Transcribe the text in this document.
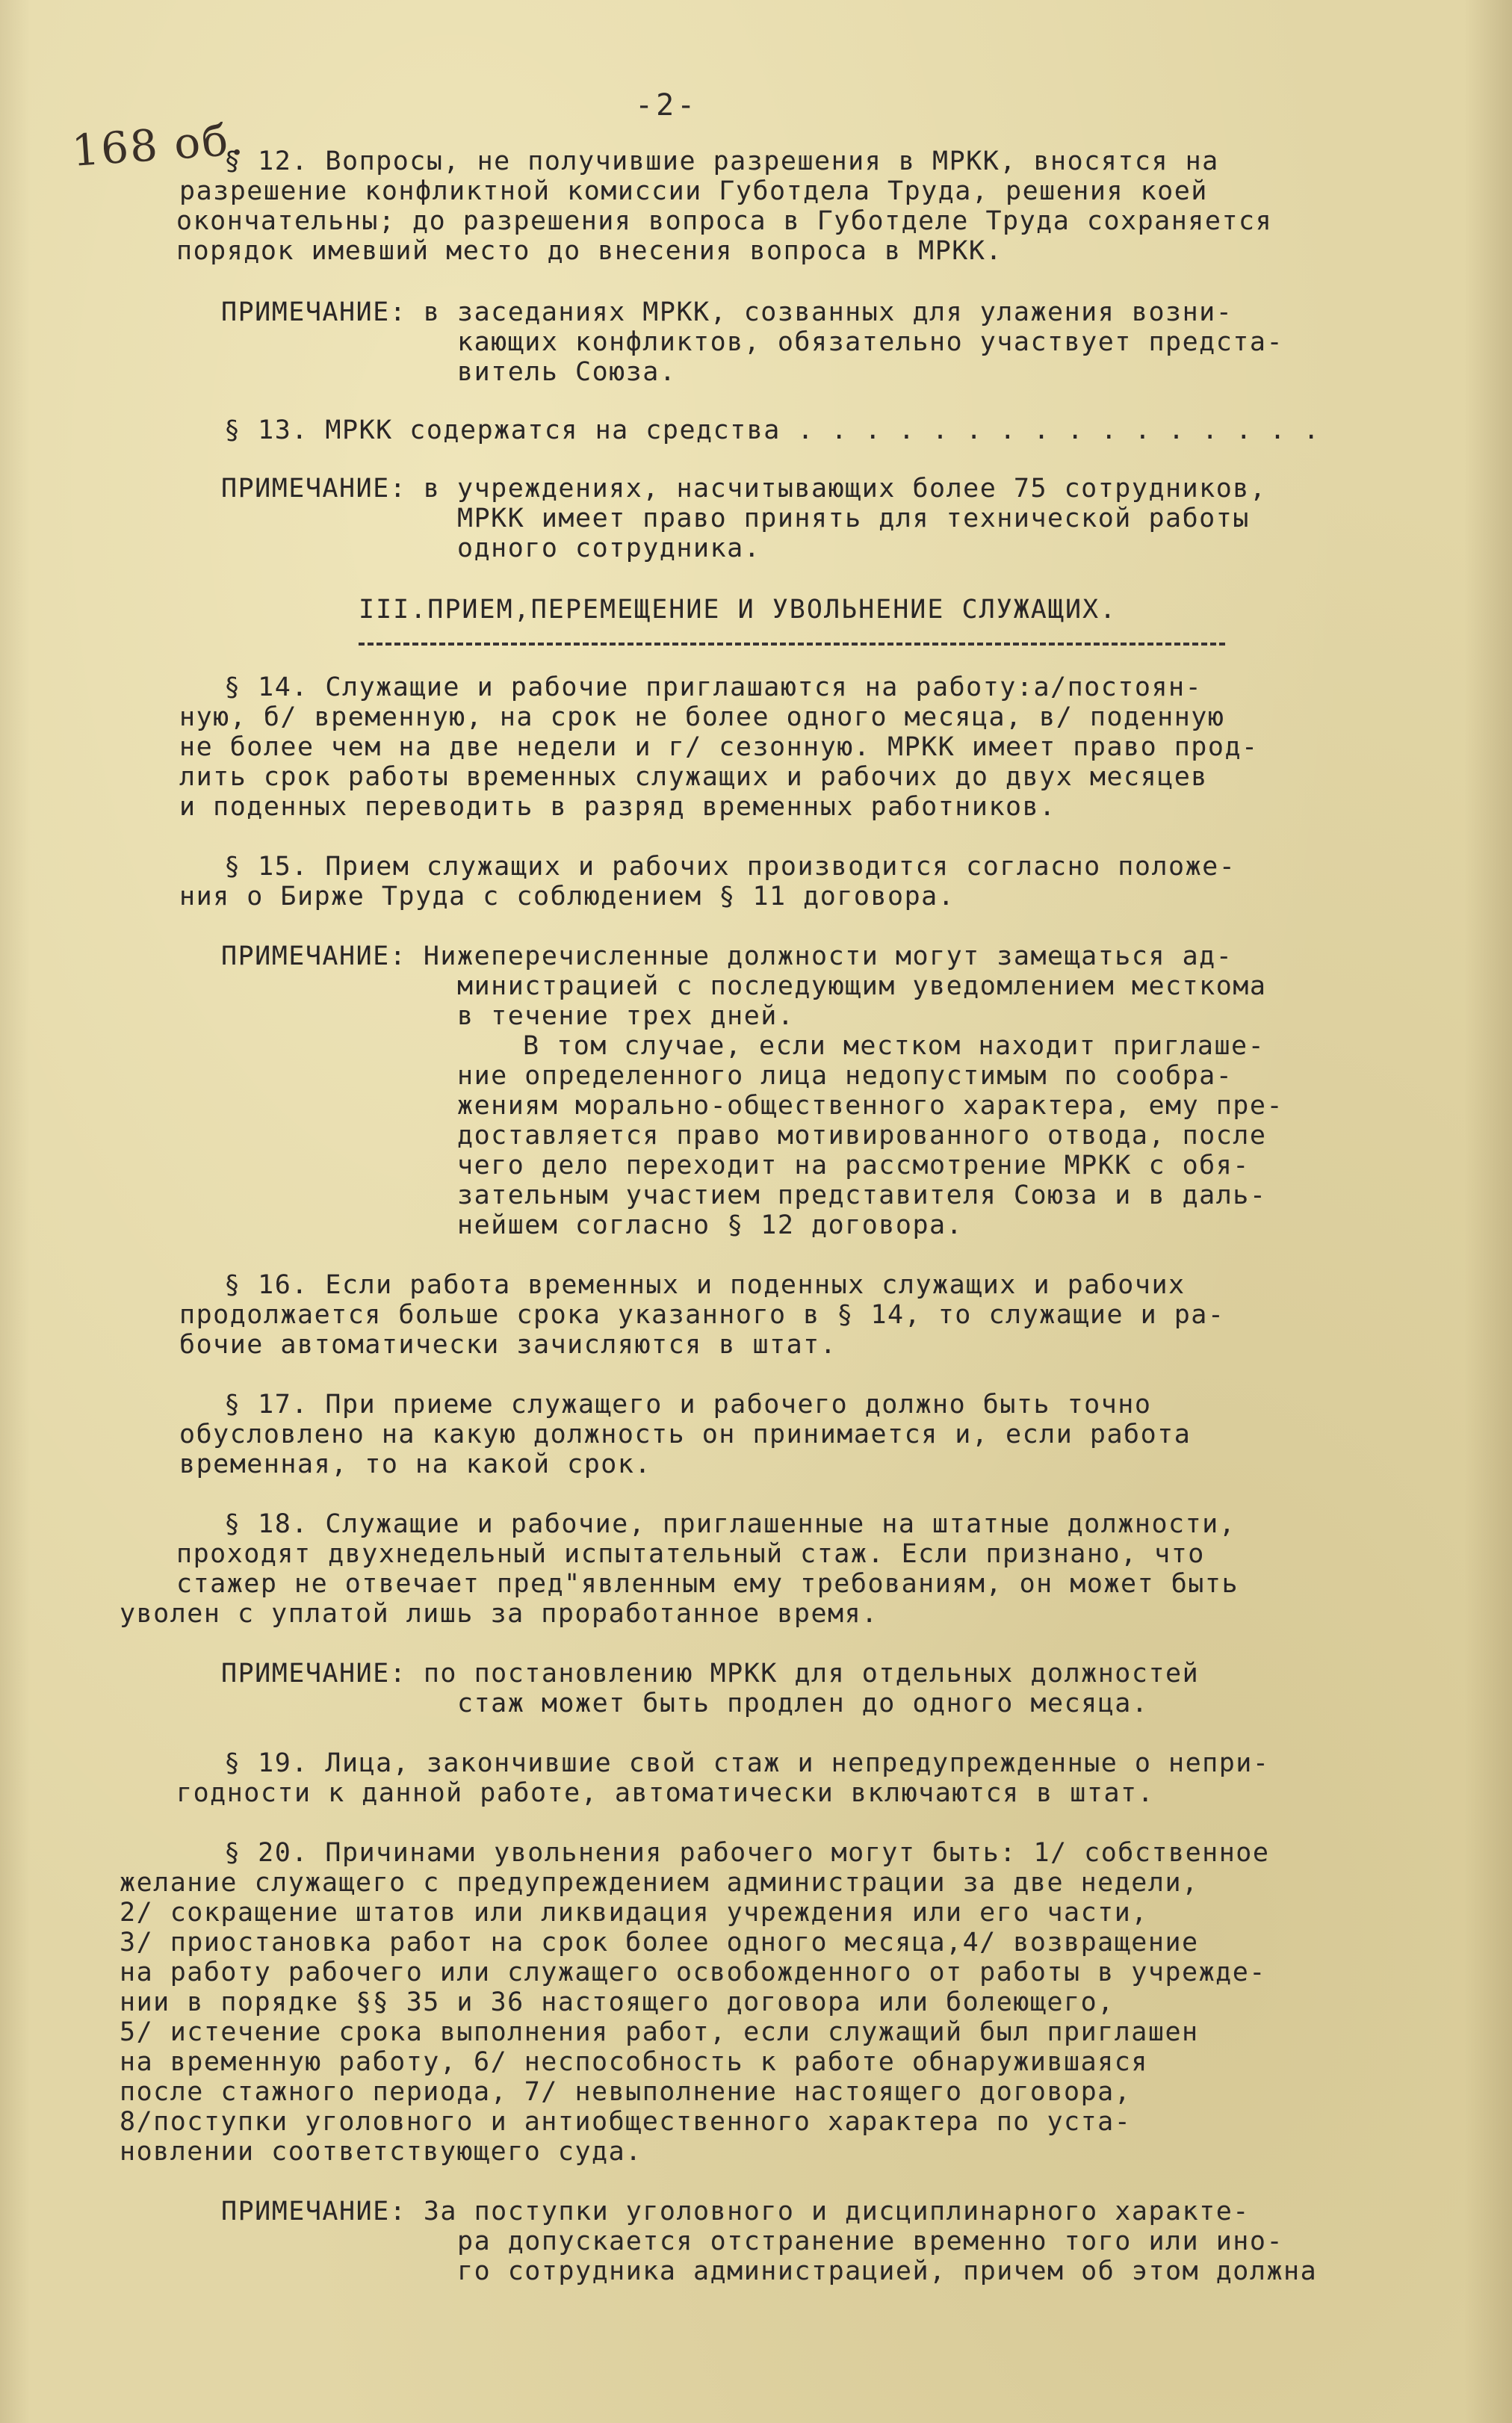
168 об.
-2-
§ 12. Вопросы, не получившие разрешения в МРКК, вносятся на
разрешение конфликтной комиссии Губотдела Труда, решения коей
окончательны; до разрешения вопроса в Губотделе Труда сохраняется
порядок имевший место до внесения вопроса в МРКК.
ПРИМЕЧАНИЕ: в заседаниях МРКК, созванных для улажения возни-
кающих конфликтов, обязательно участвует предста-
витель Союза.
§ 13. МРКК содержатся на средства . . . . . . . . . . . . . . . .
ПРИМЕЧАНИЕ: в учреждениях, насчитывающих более 75 сотрудников,
МРКК имеет право принять для технической работы
одного сотрудника.
III.ПРИЕМ,ПЕРЕМЕЩЕНИЕ И УВОЛЬНЕНИЕ СЛУЖАЩИХ.
§ 14. Служащие и рабочие приглашаются на работу:а/постоян-
ную, б/ временную, на срок не более одного месяца, в/ поденную
не более чем на две недели и г/ сезонную. МРКК имеет право прод-
лить срок работы временных служащих и рабочих до двух месяцев
и поденных переводить в разряд временных работников.
§ 15. Прием служащих и рабочих производится согласно положе-
ния о Бирже Труда с соблюдением § 11 договора.
ПРИМЕЧАНИЕ: Нижеперечисленные должности могут замещаться ад-
министрацией с последующим уведомлением месткома
в течение трех дней.
В том случае, если местком находит приглаше-
ние определенного лица недопустимым по сообра-
жениям морально-общественного характера, ему пре-
доставляется право мотивированного отвода, после
чего дело переходит на рассмотрение МРКК с обя-
зательным участием представителя Союза и в даль-
нейшем согласно § 12 договора.
§ 16. Если работа временных и поденных служащих и рабочих
продолжается больше срока указанного в § 14, то служащие и ра-
бочие автоматически зачисляются в штат.
§ 17. При приеме служащего и рабочего должно быть точно
обусловлено на какую должность он принимается и, если работа
временная, то на какой срок.
§ 18. Служащие и рабочие, приглашенные на штатные должности,
проходят двухнедельный испытательный стаж. Если признано, что
стажер не отвечает пред"явленным ему требованиям, он может быть
уволен с уплатой лишь за проработанное время.
ПРИМЕЧАНИЕ: по постановлению МРКК для отдельных должностей
стаж может быть продлен до одного месяца.
§ 19. Лица, закончившие свой стаж и непредупрежденные о непри-
годности к данной работе, автоматически включаются в штат.
§ 20. Причинами увольнения рабочего могут быть: 1/ собственное
желание служащего с предупреждением администрации за две недели,
2/ сокращение штатов или ликвидация учреждения или его части,
3/ приостановка работ на срок более одного месяца,4/ возвращение
на работу рабочего или служащего освобожденного от работы в учрежде-
нии в порядке §§ 35 и 36 настоящего договора или болеющего,
5/ истечение срока выполнения работ, если служащий был приглашен
на временную работу, 6/ неспособность к работе обнаружившаяся
после стажного периода, 7/ невыполнение настоящего договора,
8/поступки уголовного и антиобщественного характера по уста-
новлении соответствующего суда.
ПРИМЕЧАНИЕ: За поступки уголовного и дисциплинарного характе-
ра допускается отстранение временно того или ино-
го сотрудника администрацией, причем об этом должна
